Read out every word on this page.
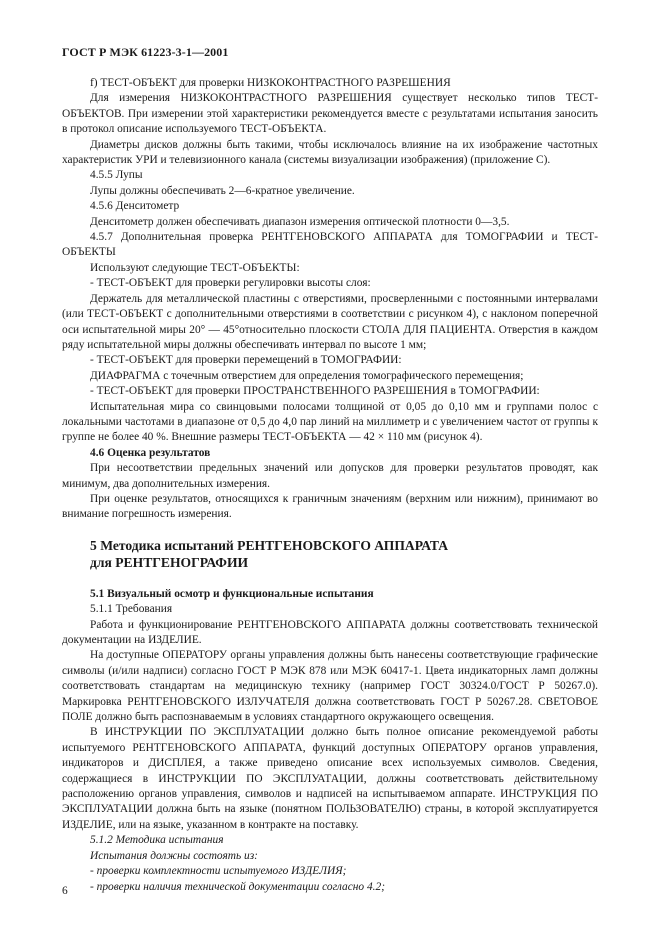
ГОСТ Р МЭК 61223-3-1—2001

f) ТЕСТ-ОБЪЕКТ для проверки НИЗКОКОНТРАСТНОГО РАЗРЕШЕНИЯ

Для измерения НИЗКОКОНТРАСТНОГО РАЗРЕШЕНИЯ существует несколько типов ТЕСТ-ОБЪЕКТОВ. При измерении этой характеристики рекомендуется вместе с результатами испытания заносить в протокол описание используемого ТЕСТ-ОБЪЕКТА.

Диаметры дисков должны быть такими, чтобы исключалось влияние на их изображение частотных характеристик УРИ и телевизионного канала (системы визуализации изображения) (приложение С).

4.5.5 Лупы

Лупы должны обеспечивать 2—6-кратное увеличение.

4.5.6 Денситометр

Денситометр должен обеспечивать диапазон измерения оптической плотности 0—3,5.

4.5.7 Дополнительная проверка РЕНТГЕНОВСКОГО АППАРАТА для ТОМОГРАФИИ и ТЕСТ-ОБЪЕКТЫ

Используют следующие ТЕСТ-ОБЪЕКТЫ:

- ТЕСТ-ОБЪЕКТ для проверки регулировки высоты слоя:

Держатель для металлической пластины с отверстиями, просверленными с постоянными интервалами (или ТЕСТ-ОБЪЕКТ с дополнительными отверстиями в соответствии с рисунком 4), с наклоном поперечной оси испытательной миры 20° — 45°относительно плоскости СТОЛА ДЛЯ ПАЦИЕНТА. Отверстия в каждом ряду испытательной миры должны обеспечивать интервал по высоте 1 мм;

- ТЕСТ-ОБЪЕКТ для проверки перемещений в ТОМОГРАФИИ:

ДИАФРАГМА с точечным отверстием для определения томографического перемещения;

- ТЕСТ-ОБЪЕКТ для проверки ПРОСТРАНСТВЕННОГО РАЗРЕШЕНИЯ в ТОМОГРАФИИ:

Испытательная мира со свинцовыми полосами толщиной от 0,05 до 0,10 мм и группами полос с локальными частотами в диапазоне от 0,5 до 4,0 пар линий на миллиметр и с увеличением частот от группы к группе не более 40 %. Внешние размеры ТЕСТ-ОБЪЕКТА — 42 × 110 мм (рисунок 4).

4.6 Оценка результатов

При несоответствии предельных значений или допусков для проверки результатов проводят, как минимум, два дополнительных измерения.

При оценке результатов, относящихся к граничным значениям (верхним или нижним), принимают во внимание погрешность измерения.

5 Методика испытаний РЕНТГЕНОВСКОГО АППАРАТА
для РЕНТГЕНОГРАФИИ

5.1 Визуальный осмотр и функциональные испытания

5.1.1 Требования

Работа и функционирование РЕНТГЕНОВСКОГО АППАРАТА должны соответствовать технической документации на ИЗДЕЛИЕ.

На доступные ОПЕРАТОРУ органы управления должны быть нанесены соответствующие графические символы (и/или надписи) согласно ГОСТ Р МЭК 878 или МЭК 60417-1. Цвета индикаторных ламп должны соответствовать стандартам на медицинскую технику (например ГОСТ 30324.0/ГОСТ Р 50267.0). Маркировка РЕНТГЕНОВСКОГО ИЗЛУЧАТЕЛЯ должна соответствовать ГОСТ Р 50267.28. СВЕТОВОЕ ПОЛЕ должно быть распознаваемым в условиях стандартного окружающего освещения.

В ИНСТРУКЦИИ ПО ЭКСПЛУАТАЦИИ должно быть полное описание рекомендуемой работы испытуемого РЕНТГЕНОВСКОГО АППАРАТА, функций доступных ОПЕРАТОРУ органов управления, индикаторов и ДИСПЛЕЯ, а также приведено описание всех используемых символов. Сведения, содержащиеся в ИНСТРУКЦИИ ПО ЭКСПЛУАТАЦИИ, должны соответствовать действительному расположению органов управления, символов и надписей на испытываемом аппарате. ИНСТРУКЦИЯ ПО ЭКСПЛУАТАЦИИ должна быть на языке (понятном ПОЛЬЗОВАТЕЛЮ) страны, в которой эксплуатируется ИЗДЕЛИЕ, или на языке, указанном в контракте на поставку.

5.1.2 Методика испытания

Испытания должны состоять из:

- проверки комплектности испытуемого ИЗДЕЛИЯ;

- проверки наличия технической документации согласно 4.2;

6
